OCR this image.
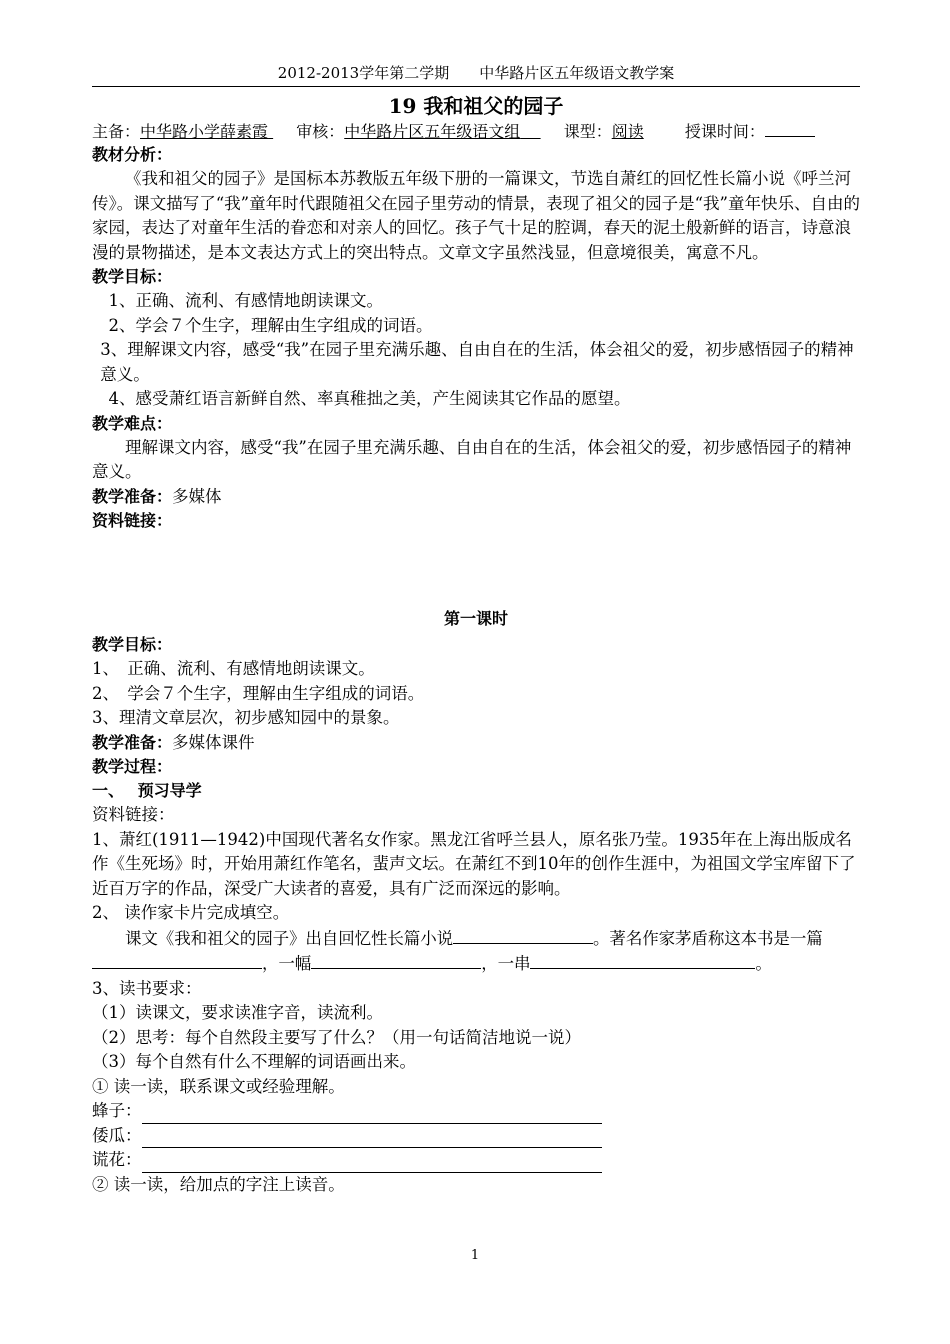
2012-2013学年第二学期　　中华路片区五年级语文教学案
19 我和祖父的园子
主备：中华路小学薛素霞 审核：中华路片区五年级语文组	课型：阅读	授课时间：
教材分析：
《我和祖父的园子》是国标本苏教版五年级下册的一篇课文，节选自萧红的回忆性长篇小说《呼兰河传》。课文描写了“我”童年时代跟随祖父在园子里劳动的情景，表现了祖父的园子是“我”童年快乐、自由的家园，表达了对童年生活的眷恋和对亲人的回忆。孩子气十足的腔调，春天的泥土般新鲜的语言，诗意浪漫的景物描述，是本文表达方式上的突出特点。文章文字虽然浅显，但意境很美，寓意不凡。
教学目标：
1、正确、流利、有感情地朗读课文。
2、学会７个生字，理解由生字组成的词语。
3、理解课文内容，感受“我”在园子里充满乐趣、自由自在的生活，体会祖父的爱，初步感悟园子的精神意义。
4、感受萧红语言新鲜自然、率真稚拙之美，产生阅读其它作品的愿望。
教学难点：
理解课文内容，感受“我”在园子里充满乐趣、自由自在的生活，体会祖父的爱，初步感悟园子的精神意义。
教学准备：多媒体
资料链接：
第一课时
教学目标：
1、　正确、流利、有感情地朗读课文。
2、　学会７个生字，理解由生字组成的词语。
3、理清文章层次，初步感知园中的景象。
教学准备：多媒体课件
教学过程：
一、　 预习导学
资料链接：
1、萧红(1911—1942)中国现代著名女作家。黑龙江省呼兰县人，原名张乃莹。1935年在上海出版成名作《生死场》时，开始用萧红作笔名，蜚声文坛。在萧红不到10年的创作生涯中，为祖国文学宝库留下了近百万字的作品，深受广大读者的喜爱，具有广泛而深远的影响。
2、 读作家卡片完成填空。
课文《我和祖父的园子》出自回忆性长篇小说	。著名作家茅盾称这本书是一篇，一幅	，一串	。
3、读书要求：
（1）读课文，要求读准字音，读流利。
（2）思考：每个自然段主要写了什么？（用一句话简洁地说一说）
（3）每个自然有什么不理解的词语画出来。
① 读一读，联系课文或经验理解。
蜂子：
倭瓜：
谎花：
② 读一读，给加点的字注上读音。
1
